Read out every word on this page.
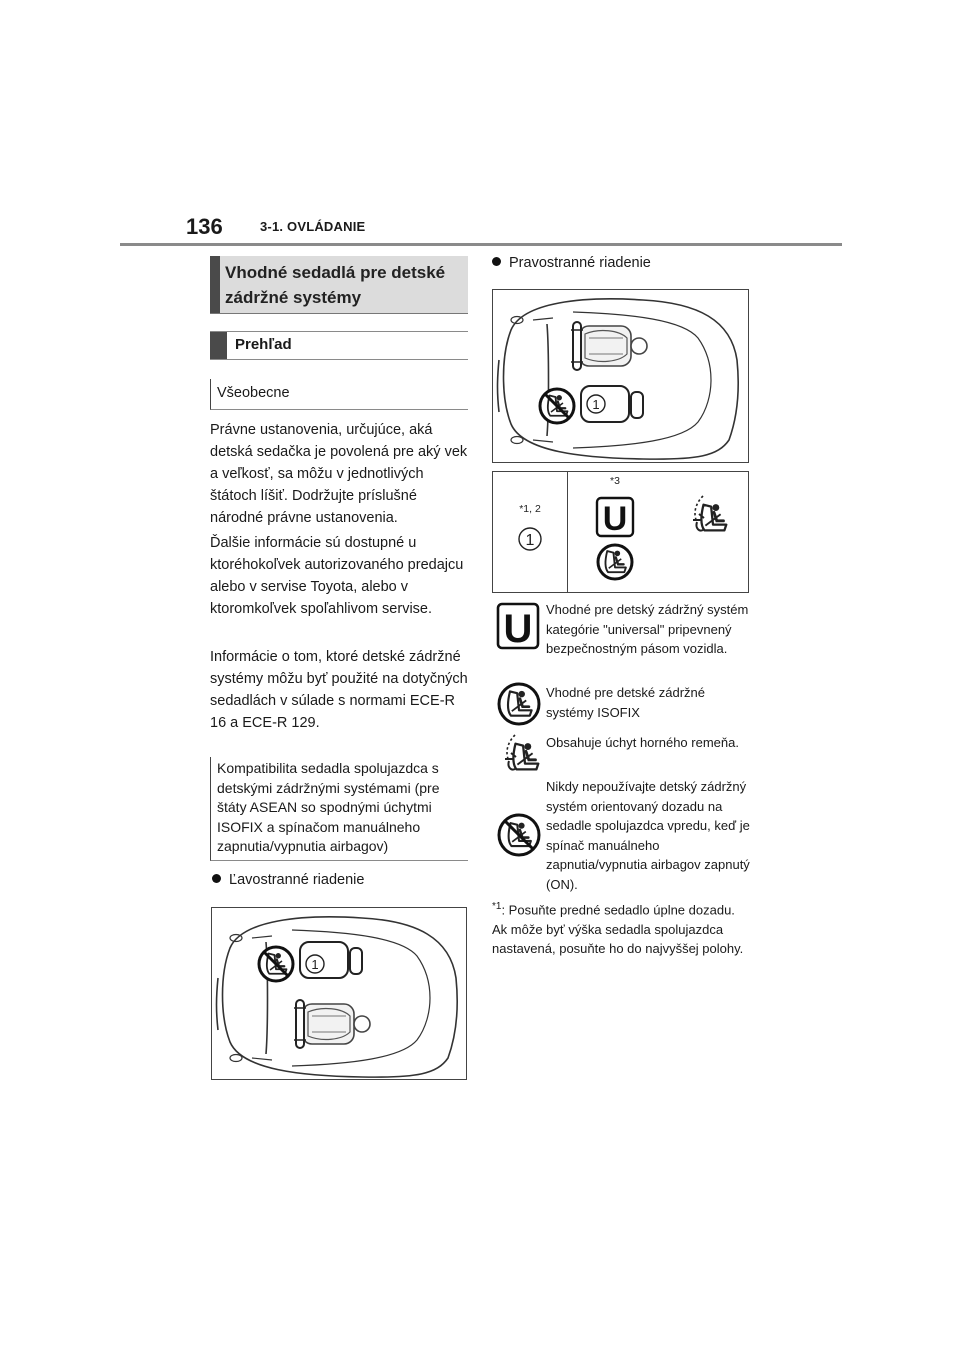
136	3-1. OVLÁDANIE
Vhodné sedadlá pre detské zádržné systémy
Prehľad
Všeobecne
Právne ustanovenia, určujúce, aká detská sedačka je povolená pre aký vek a veľkosť, sa môžu v jednotlivých štátoch líšiť. Dodržujte príslušné národné právne ustanovenia.
Ďalšie informácie sú dostupné u ktoréhokoľvek autorizovaného predajcu alebo v servise Toyota, alebo v ktoromkoľvek spoľahlivom servise.
Informácie o tom, ktoré detské zádržné systémy môžu byť použité na dotyčných sedadlách v súlade s normami ECE-R 16 a ECE-R 129.
Kompatibilita sedadla spolujazdca s detskými zádržnými systémami (pre štáty ASEAN so spodnými úchytmi ISOFIX a spínačom manuálneho zapnutia/vypnutia airbagov)
Ľavostranné riadenie
1
Pravostranné riadenie
1
*1, 2
1
*3
U
U Vhodné pre detský zádržný systém kategórie "universal" pripevnený bezpečnostným pásom vozidla.
Vhodné pre detské zádržné systémy ISOFIX
Obsahuje úchyt horného remeňa.
Nikdy nepoužívajte detský zádržný systém orientovaný dozadu na sedadle spolujazdca vpredu, keď je spínač manuálneho zapnutia/vypnutia airbagov zapnutý (ON).
$^{*1}$: Posuňte predné sedadlo úplne dozadu. Ak môže byť výška sedadla spolujazdca nastavená, posuňte ho do najvyššej polohy.
